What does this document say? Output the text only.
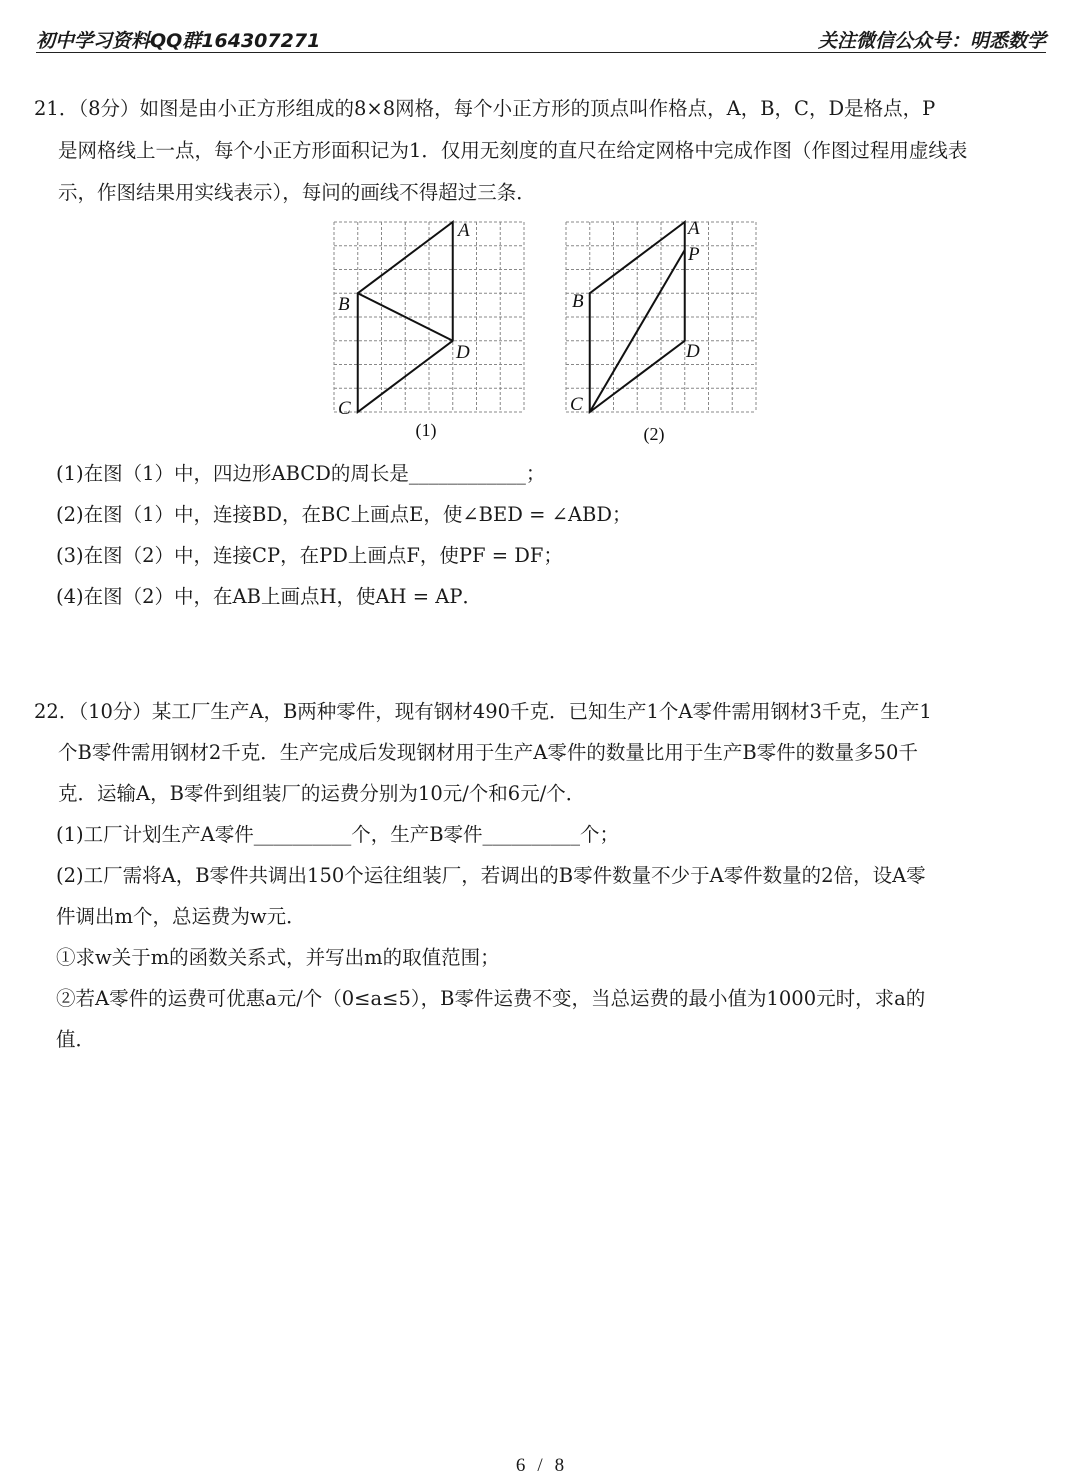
初中学习资料QQ群164307271	关注微信公众号：明悉数学
21．（8分）如图是由小正方形组成的8×8网格，每个小正方形的顶点叫作格点，A，B，C，D是格点，P
是网格线上一点，每个小正方形面积记为1．仅用无刻度的直尺在给定网格中完成作图（作图过程用虚线表
示，作图结果用实线表示），每问的画线不得超过三条．
A
B
C
D
(1)
A
P
B
D
C
(2)
(1)在图（1）中，四边形ABCD的周长是____________；
(2)在图（1）中，连接BD，在BC上画点E，使∠BED = ∠ABD；
(3)在图（2）中，连接CP，在PD上画点F，使PF = DF；
(4)在图（2）中，在AB上画点H，使AH = AP．
22．（10分）某工厂生产A，B两种零件，现有钢材490千克．已知生产1个A零件需用钢材3千克，生产1
个B零件需用钢材2千克．生产完成后发现钢材用于生产A零件的数量比用于生产B零件的数量多50千
克．运输A，B零件到组装厂的运费分别为10元/个和6元/个．
(1)工厂计划生产A零件__________个，生产B零件__________个；
(2)工厂需将A，B零件共调出150个运往组装厂，若调出的B零件数量不少于A零件数量的2倍，设A零
件调出m个，总运费为w元．
①求w关于m的函数关系式，并写出m的取值范围；
②若A零件的运费可优惠a元/个（0≤a≤5），B零件运费不变，当总运费的最小值为1000元时，求a的
值．
6 / 8
